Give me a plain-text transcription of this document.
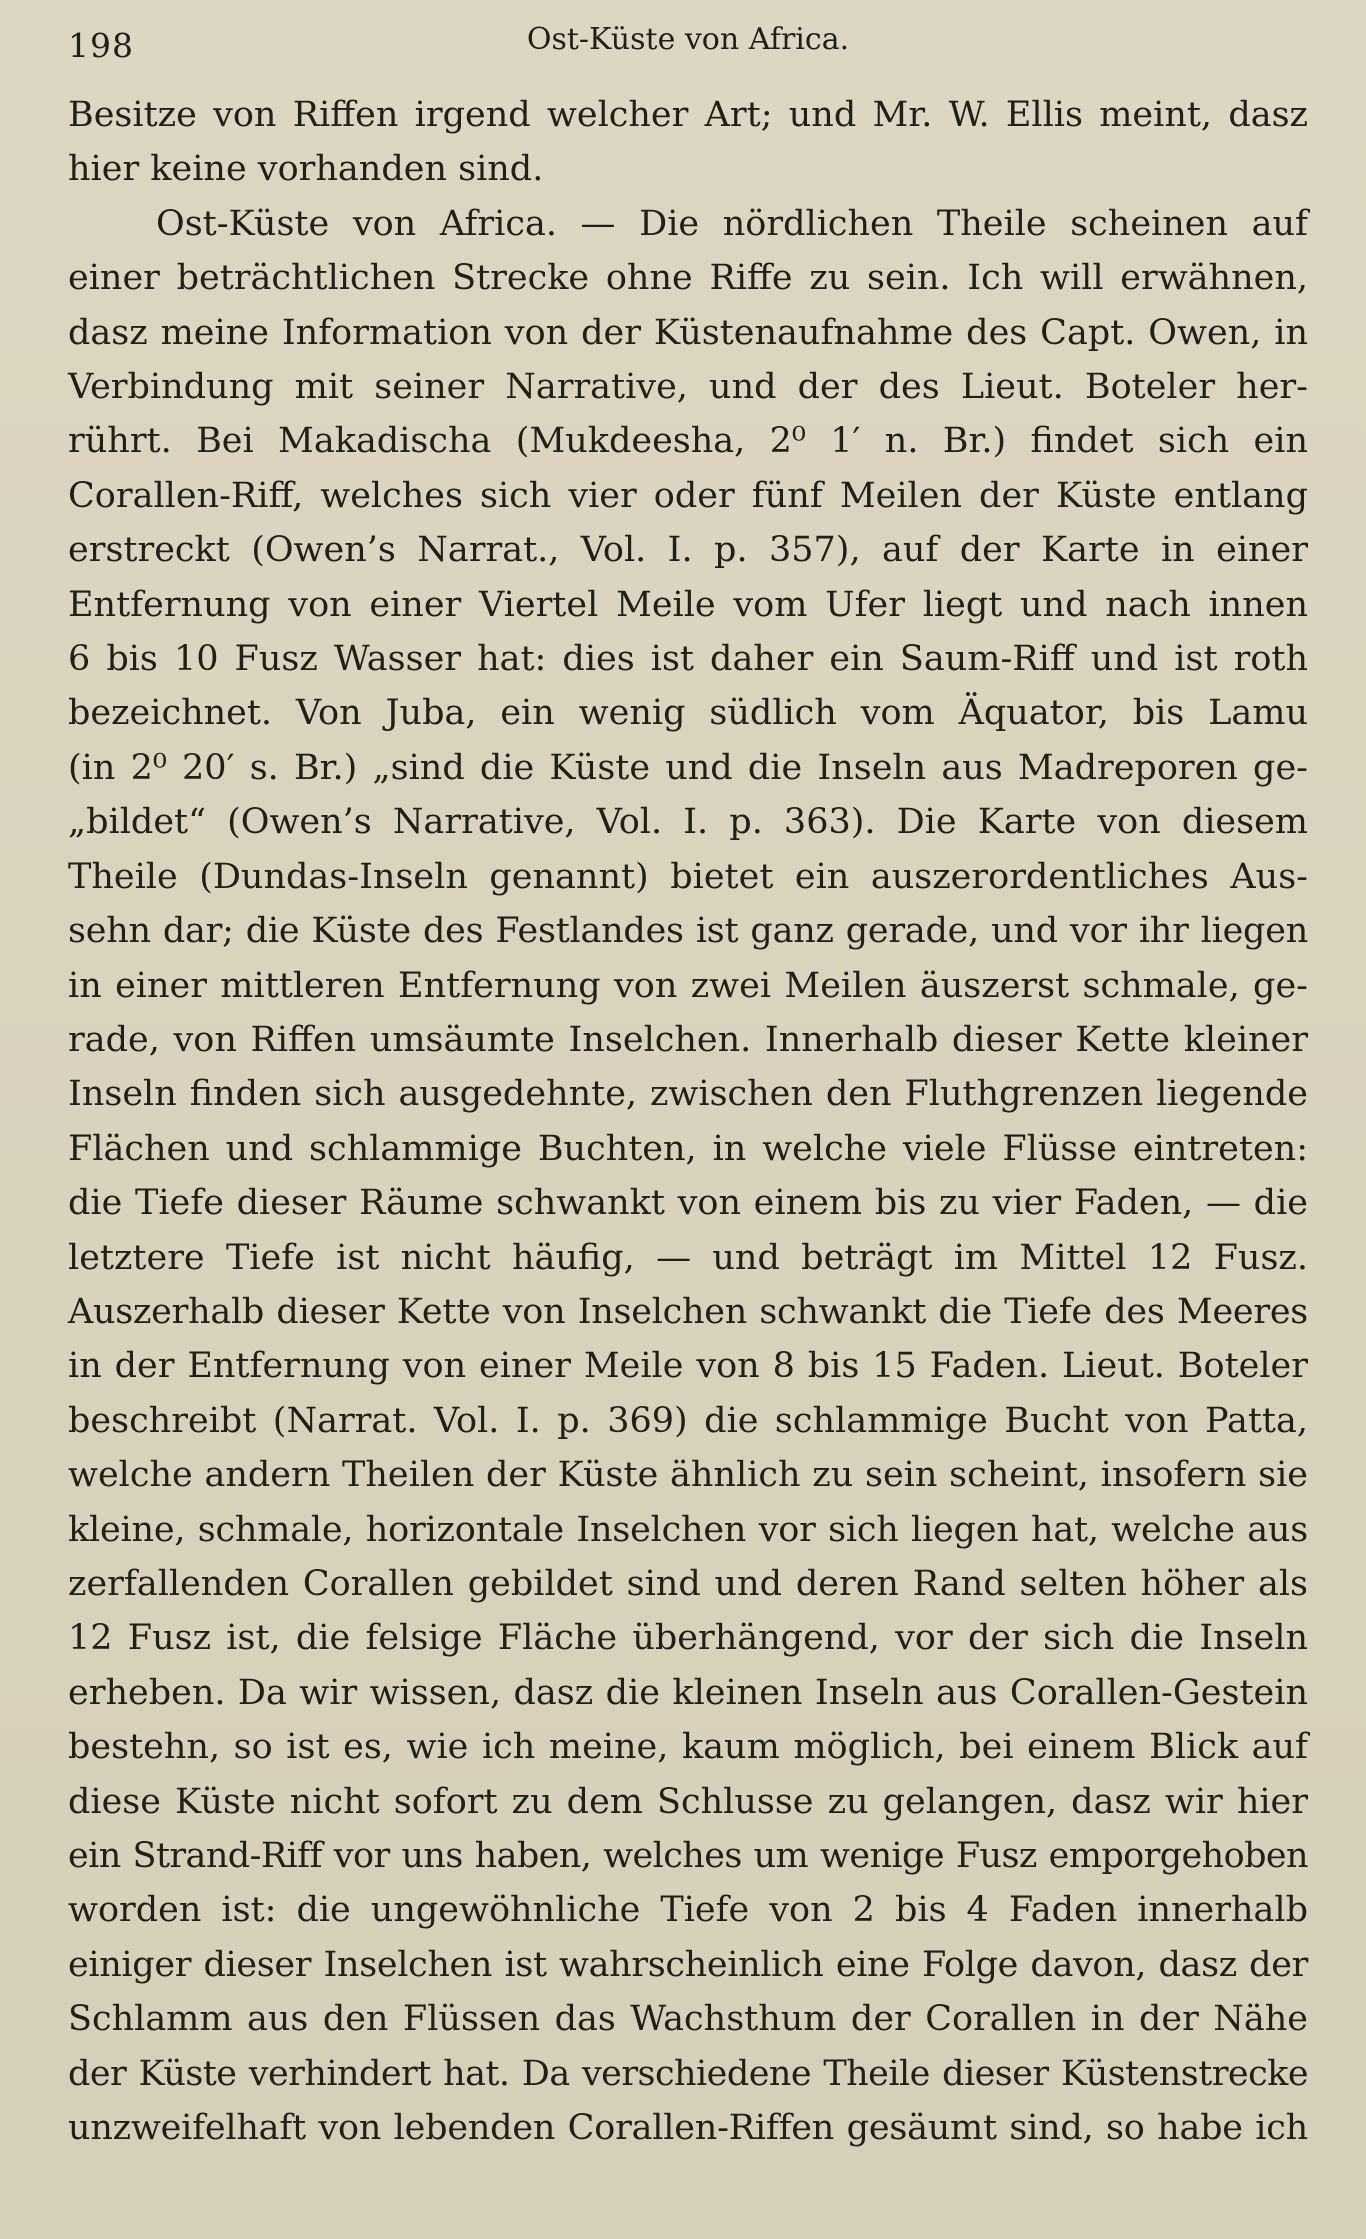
198	Ost-Küste von Africa.
Besitze von Riffen irgend welcher Art; und Mr. W. Ellis meint, dasz
hier keine vorhanden sind.
Ost-Küste von Africa. — Die nördlichen Theile scheinen auf
einer beträchtlichen Strecke ohne Riffe zu sein. Ich will erwähnen,
dasz meine Information von der Küstenaufnahme des Capt. Owen, in
Verbindung mit seiner Narrative, und der des Lieut. Boteler her-
rührt. Bei Makadischa (Mukdeesha, 2⁰ 1′ n. Br.) findet sich ein
Corallen-Riff, welches sich vier oder fünf Meilen der Küste entlang
erstreckt (Owen’s Narrat., Vol. I. p. 357), auf der Karte in einer
Entfernung von einer Viertel Meile vom Ufer liegt und nach innen
6 bis 10 Fusz Wasser hat: dies ist daher ein Saum-Riff und ist roth
bezeichnet. Von Juba, ein wenig südlich vom Äquator, bis Lamu
(in 2⁰ 20′ s. Br.) „sind die Küste und die Inseln aus Madreporen ge-
„bildet“ (Owen’s Narrative, Vol. I. p. 363). Die Karte von diesem
Theile (Dundas-Inseln genannt) bietet ein auszerordentliches Aus-
sehn dar; die Küste des Festlandes ist ganz gerade, und vor ihr liegen
in einer mittleren Entfernung von zwei Meilen äuszerst schmale, ge-
rade, von Riffen umsäumte Inselchen. Innerhalb dieser Kette kleiner
Inseln finden sich ausgedehnte, zwischen den Fluthgrenzen liegende
Flächen und schlammige Buchten, in welche viele Flüsse eintreten:
die Tiefe dieser Räume schwankt von einem bis zu vier Faden, — die
letztere Tiefe ist nicht häufig, — und beträgt im Mittel 12 Fusz.
Auszerhalb dieser Kette von Inselchen schwankt die Tiefe des Meeres
in der Entfernung von einer Meile von 8 bis 15 Faden. Lieut. Boteler
beschreibt (Narrat. Vol. I. p. 369) die schlammige Bucht von Patta,
welche andern Theilen der Küste ähnlich zu sein scheint, insofern sie
kleine, schmale, horizontale Inselchen vor sich liegen hat, welche aus
zerfallenden Corallen gebildet sind und deren Rand selten höher als
12 Fusz ist, die felsige Fläche überhängend, vor der sich die Inseln
erheben. Da wir wissen, dasz die kleinen Inseln aus Corallen-Gestein
bestehn, so ist es, wie ich meine, kaum möglich, bei einem Blick auf
diese Küste nicht sofort zu dem Schlusse zu gelangen, dasz wir hier
ein Strand-Riff vor uns haben, welches um wenige Fusz emporgehoben
worden ist: die ungewöhnliche Tiefe von 2 bis 4 Faden innerhalb
einiger dieser Inselchen ist wahrscheinlich eine Folge davon, dasz der
Schlamm aus den Flüssen das Wachsthum der Corallen in der Nähe
der Küste verhindert hat. Da verschiedene Theile dieser Küstenstrecke
unzweifelhaft von lebenden Corallen-Riffen gesäumt sind, so habe ich
